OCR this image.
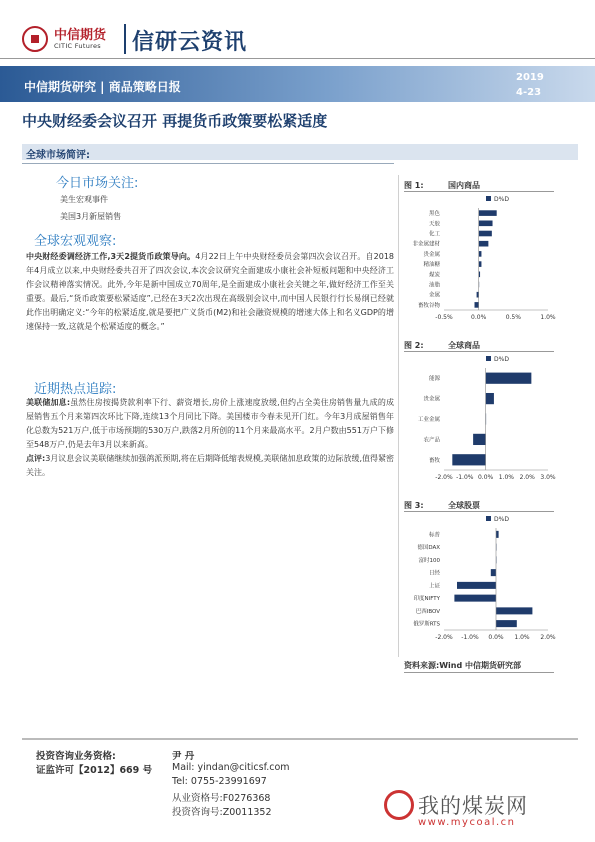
中信期货
CITIC Futures 信研云资讯
中信期货研究 | 商品策略日报
2019
4-23
中央财经委会议召开 再提货币政策要松紧适度
全球市场简评:
今日市场关注:
美生宏观事件
美国3月新屋销售
全球宏观观察:
中央财经委调经济工作,3天2提货币政策导向。4月22日上午中央财经委员会第四次会议召开。自2018年4月成立以来,中央财经委共召开了四次会议,本次会议研究全面建成小康社会补短板问题和中央经济工作会议精神落实情况。此外,今年是新中国成立70周年,是全面建成小康社会关键之年,做好经济工作至关重要。最后,“货币政策要松紧适度”,已经在3天2次出现在高级别会议中,而中国人民银行行长易纲已经就此作出明确定义:“今年的松紧适度,就是要把广义货币(M2)和社会融资规模的增速大体上和名义GDP的增速保持一致,这就是个松紧适度的概念。”
近期热点追踪:
美联储加息:虽然住房按揭贷款利率下行、薪资增长,房价上涨速度放缓,但约占全美住房销售量九成的成屋销售五个月来第四次环比下降,连续13个月同比下降。美国楼市今春未见开门红。今年3月成屋销售年化总数为521万户,低于市场预期的530万户,跌落2月所创的11个月来最高水平。2月户数由551万户下修至548万户,仍是去年3月以来新高。
点评:3月议息会议美联储继续加强鸽派预期,将在后期降低缩表规模,美联储加息政策的边际放缓,值得紧密关注。
图 1:	国内商品
D%D
黑色
天胶
化工
非金属建材
贵金属
精油糖
煤炭
油脂
金属
畜牧谷物
-0.5%	0.0%	0.5%	1.0%
图 2:	全球商品
D%D
能源
贵金属
工业金属
农产品
畜牧
-2.0% -1.0% 0.0% 1.0% 2.0% 3.0%
图 3:	全球股票
D%D
标普
德国DAX
富时100
日经
上证
印度NIFTY
巴西IBOV
俄罗斯RTS
-2.0% -1.0% 0.0% 1.0% 2.0%
资料来源:Wind 中信期货研究部
投资咨询业务资格:
证监许可【2012】669 号
尹 丹
Mail: yindan@citicsf.com
Tel: 0755-23991697
从业资格号:F0276368
投资咨询号:Z0011352	我的煤炭网
www.mycoal.cn
